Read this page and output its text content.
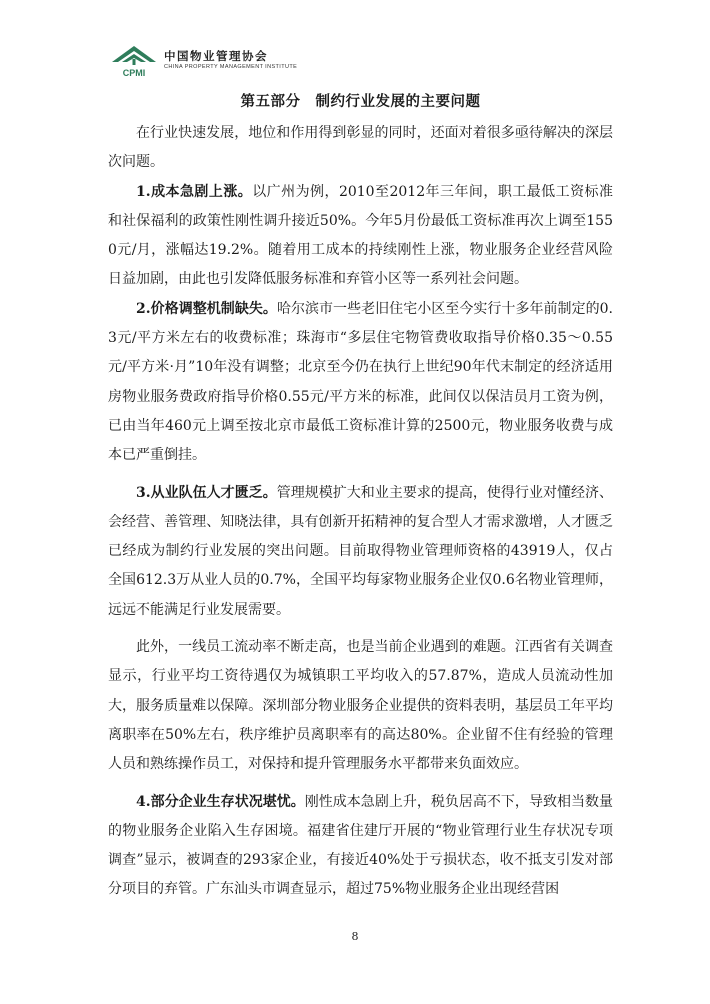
CPMI
中国物业管理协会
CHINA PROPERTY MANAGEMENT INSTITUTE
第五部分　制约行业发展的主要问题

在行业快速发展，地位和作用得到彰显的同时，还面对着很多亟待解决的深层次问题。

1.成本急剧上涨。以广州为例，2010至2012年三年间，职工最低工资标准和社保福利的政策性刚性调升接近50%。今年5月份最低工资标准再次上调至1550元/月，涨幅达19.2%。随着用工成本的持续刚性上涨，物业服务企业经营风险日益加剧，由此也引发降低服务标准和弃管小区等一系列社会问题。

2.价格调整机制缺失。哈尔滨市一些老旧住宅小区至今实行十多年前制定的0.3元/平方米左右的收费标准；珠海市“多层住宅物管费收取指导价格0.35～0.55元/平方米·月”10年没有调整；北京至今仍在执行上世纪90年代末制定的经济适用房物业服务费政府指导价格0.55元/平方米的标准，此间仅以保洁员月工资为例，已由当年460元上调至按北京市最低工资标准计算的2500元，物业服务收费与成本已严重倒挂。

3.从业队伍人才匮乏。管理规模扩大和业主要求的提高，使得行业对懂经济、会经营、善管理、知晓法律，具有创新开拓精神的复合型人才需求激增，人才匮乏已经成为制约行业发展的突出问题。目前取得物业管理师资格的43919人，仅占全国612.3万从业人员的0.7%，全国平均每家物业服务企业仅0.6名物业管理师，远远不能满足行业发展需要。

此外，一线员工流动率不断走高，也是当前企业遇到的难题。江西省有关调查显示，行业平均工资待遇仅为城镇职工平均收入的57.87%，造成人员流动性加大，服务质量难以保障。深圳部分物业服务企业提供的资料表明，基层员工年平均离职率在50%左右，秩序维护员离职率有的高达80%。企业留不住有经验的管理人员和熟练操作员工，对保持和提升管理服务水平都带来负面效应。

4.部分企业生存状况堪忧。刚性成本急剧上升，税负居高不下，导致相当数量的物业服务企业陷入生存困境。福建省住建厅开展的“物业管理行业生存状况专项调查”显示，被调查的293家企业，有接近40%处于亏损状态，收不抵支引发对部分项目的弃管。广东汕头市调查显示，超过75%物业服务企业出现经营困

8
